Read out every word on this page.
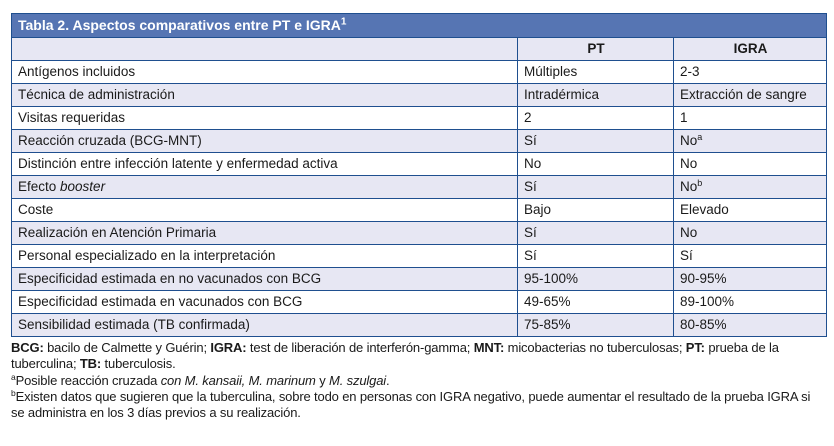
Tabla 2. Aspectos comparativos entre PT e IGRA$^1$
	PT	IGRA
Antígenos incluidos	Múltiples	2-3
Técnica de administración	Intradérmica	Extracción de sangre
Visitas requeridas	2	1
Reacción cruzada (BCG-MNT)	Sí	No$^a$
Distinción entre infección latente y enfermedad activa	No	No
Efecto booster	Sí	No$^b$
Coste	Bajo	Elevado
Realización en Atención Primaria	Sí	No
Personal especializado en la interpretación	Sí	Sí
Especificidad estimada en no vacunados con BCG	95-100%	90-95%
Especificidad estimada en vacunados con BCG	49-65%	89-100%
Sensibilidad estimada (TB confirmada)	75-85%	80-85%

BCG: bacilo de Calmette y Guérin; IGRA: test de liberación de interferón-gamma; MNT: micobacterias no tuberculosas; PT: prueba de la tuberculina; TB: tuberculosis.

$^a$Posible reacción cruzada con M. kansaii, M. marinum y M. szulgai.

$^b$Existen datos que sugieren que la tuberculina, sobre todo en personas con IGRA negativo, puede aumentar el resultado de la prueba IGRA si se administra en los 3 días previos a su realización.
